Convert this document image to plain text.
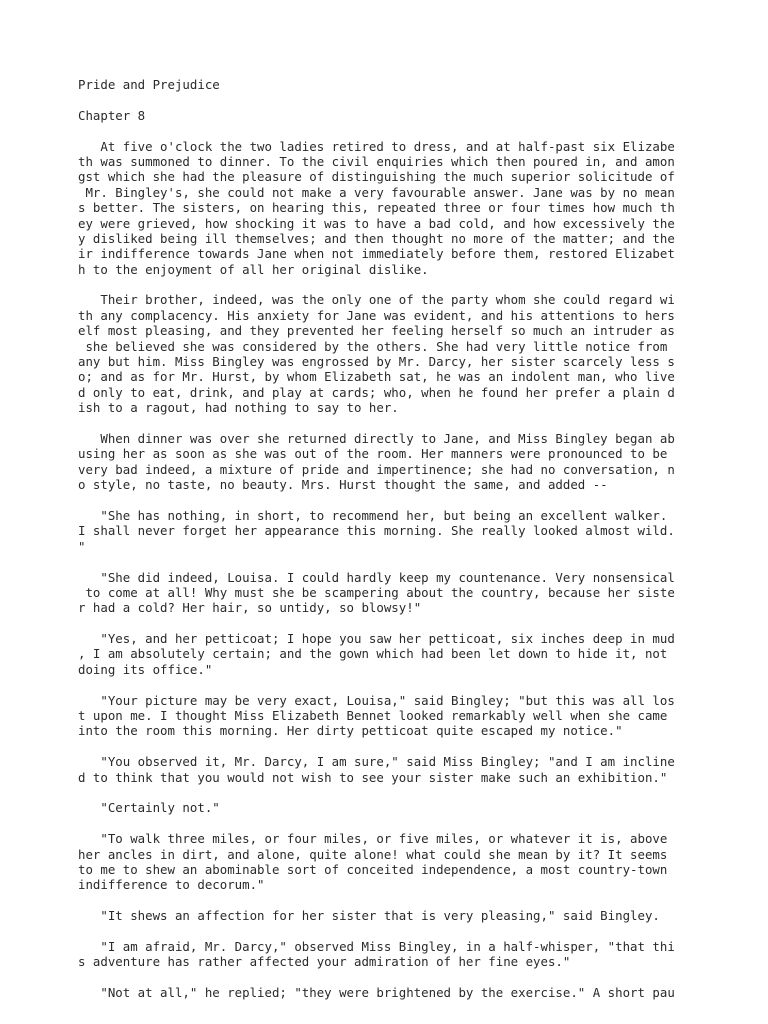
Pride and Prejudice
Chapter 8
At five o'clock the two ladies retired to dress, and at half-past six Elizabe
th was summoned to dinner. To the civil enquiries which then poured in, and amon
gst which she had the pleasure of distinguishing the much superior solicitude of
Mr. Bingley's, she could not make a very favourable answer. Jane was by no mean
s better. The sisters, on hearing this, repeated three or four times how much th
ey were grieved, how shocking it was to have a bad cold, and how excessively the
y disliked being ill themselves; and then thought no more of the matter; and the
ir indifference towards Jane when not immediately before them, restored Elizabet
h to the enjoyment of all her original dislike.
Their brother, indeed, was the only one of the party whom she could regard wi
th any complacency. His anxiety for Jane was evident, and his attentions to hers
elf most pleasing, and they prevented her feeling herself so much an intruder as
she believed she was considered by the others. She had very little notice from
any but him. Miss Bingley was engrossed by Mr. Darcy, her sister scarcely less s
o; and as for Mr. Hurst, by whom Elizabeth sat, he was an indolent man, who live
d only to eat, drink, and play at cards; who, when he found her prefer a plain d
ish to a ragout, had nothing to say to her.
When dinner was over she returned directly to Jane, and Miss Bingley began ab
using her as soon as she was out of the room. Her manners were pronounced to be
very bad indeed, a mixture of pride and impertinence; she had no conversation, n
o style, no taste, no beauty. Mrs. Hurst thought the same, and added --
"She has nothing, in short, to recommend her, but being an excellent walker.
I shall never forget her appearance this morning. She really looked almost wild.
"
"She did indeed, Louisa. I could hardly keep my countenance. Very nonsensical
to come at all! Why must she be scampering about the country, because her siste
r had a cold? Her hair, so untidy, so blowsy!"
"Yes, and her petticoat; I hope you saw her petticoat, six inches deep in mud
, I am absolutely certain; and the gown which had been let down to hide it, not
doing its office."
"Your picture may be very exact, Louisa," said Bingley; "but this was all los
t upon me. I thought Miss Elizabeth Bennet looked remarkably well when she came
into the room this morning. Her dirty petticoat quite escaped my notice."
"You observed it, Mr. Darcy, I am sure," said Miss Bingley; "and I am incline
d to think that you would not wish to see your sister make such an exhibition."
"Certainly not."
"To walk three miles, or four miles, or five miles, or whatever it is, above
her ancles in dirt, and alone, quite alone! what could she mean by it? It seems
to me to shew an abominable sort of conceited independence, a most country-town
indifference to decorum."
"It shews an affection for her sister that is very pleasing," said Bingley.
"I am afraid, Mr. Darcy," observed Miss Bingley, in a half-whisper, "that thi
s adventure has rather affected your admiration of her fine eyes."
"Not at all," he replied; "they were brightened by the exercise." A short pau
